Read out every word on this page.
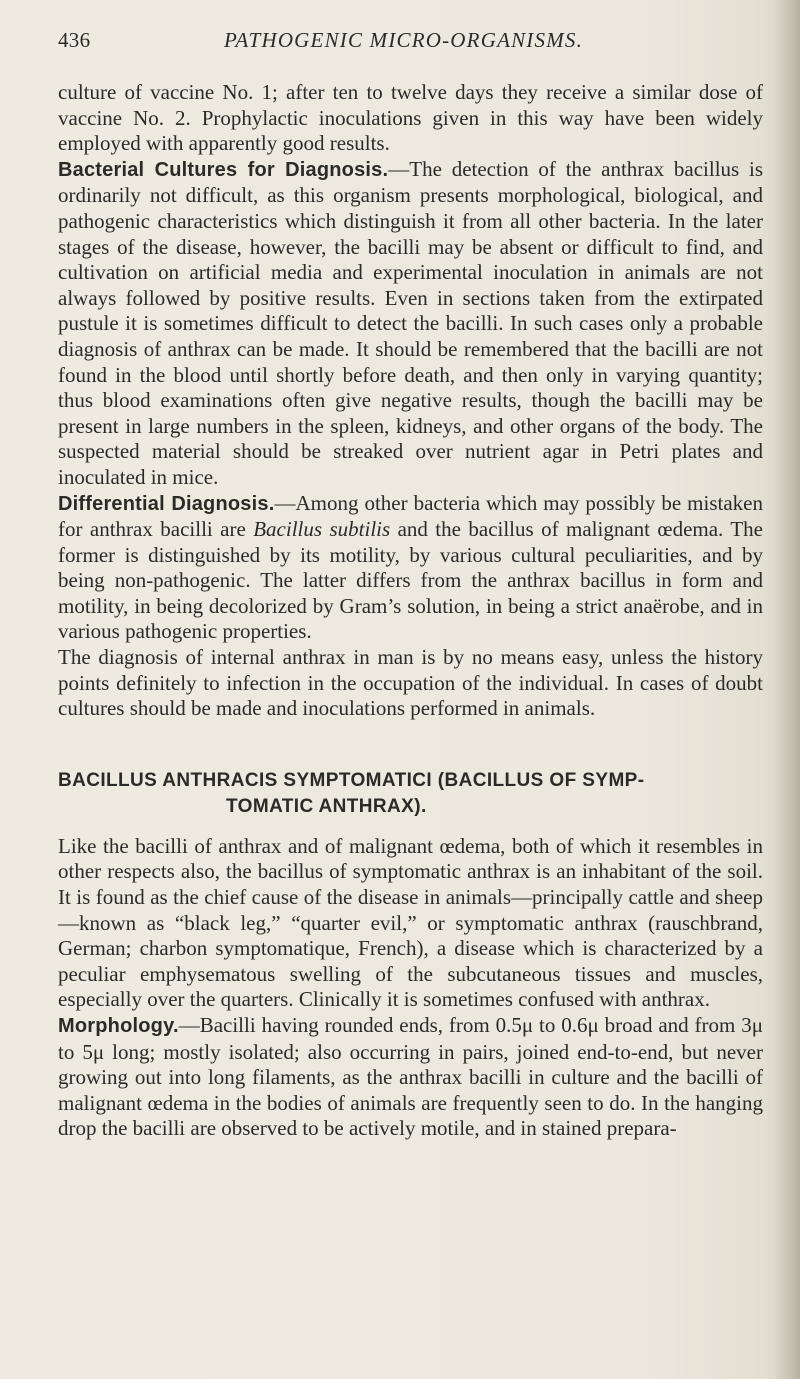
436	PATHOGENIC MICRO-ORGANISMS.

culture of vaccine No. 1; after ten to twelve days they receive a similar dose of vaccine No. 2. Prophylactic inoculations given in this way have been widely employed with apparently good results.

Bacterial Cultures for Diagnosis.—The detection of the anthrax bacillus is ordinarily not difficult, as this organism presents morphological, biological, and pathogenic characteristics which distinguish it from all other bacteria. In the later stages of the disease, however, the bacilli may be absent or difficult to find, and cultivation on artificial media and experimental inoculation in animals are not always followed by positive results. Even in sections taken from the extirpated pustule it is sometimes difficult to detect the bacilli. In such cases only a probable diagnosis of anthrax can be made. It should be remembered that the bacilli are not found in the blood until shortly before death, and then only in varying quantity; thus blood examinations often give negative results, though the bacilli may be present in large numbers in the spleen, kidneys, and other organs of the body. The suspected material should be streaked over nutrient agar in Petri plates and inoculated in mice.

Differential Diagnosis.—Among other bacteria which may possibly be mistaken for anthrax bacilli are Bacillus subtilis and the bacillus of malignant œdema. The former is distinguished by its motility, by various cultural peculiarities, and by being non-pathogenic. The latter differs from the anthrax bacillus in form and motility, in being decolorized by Gram’s solution, in being a strict anaërobe, and in various pathogenic properties.

The diagnosis of internal anthrax in man is by no means easy, unless the history points definitely to infection in the occupation of the individual. In cases of doubt cultures should be made and inoculations performed in animals.

BACILLUS ANTHRACIS SYMPTOMATICI (BACILLUS OF SYMP-
TOMATIC ANTHRAX).

Like the bacilli of anthrax and of malignant œdema, both of which it resembles in other respects also, the bacillus of symptomatic anthrax is an inhabitant of the soil. It is found as the chief cause of the disease in animals—principally cattle and sheep—known as “black leg,” “quarter evil,” or symptomatic anthrax (rauschbrand, German; charbon symptomatique, French), a disease which is characterized by a peculiar emphysematous swelling of the subcutaneous tissues and muscles, especially over the quarters. Clinically it is sometimes confused with anthrax.

Morphology.—Bacilli having rounded ends, from 0.5μ to 0.6μ broad and from 3μ to 5μ long; mostly isolated; also occurring in pairs, joined end-to-end, but never growing out into long filaments, as the anthrax bacilli in culture and the bacilli of malignant œdema in the bodies of animals are frequently seen to do. In the hanging drop the bacilli are observed to be actively motile, and in stained prepara-
